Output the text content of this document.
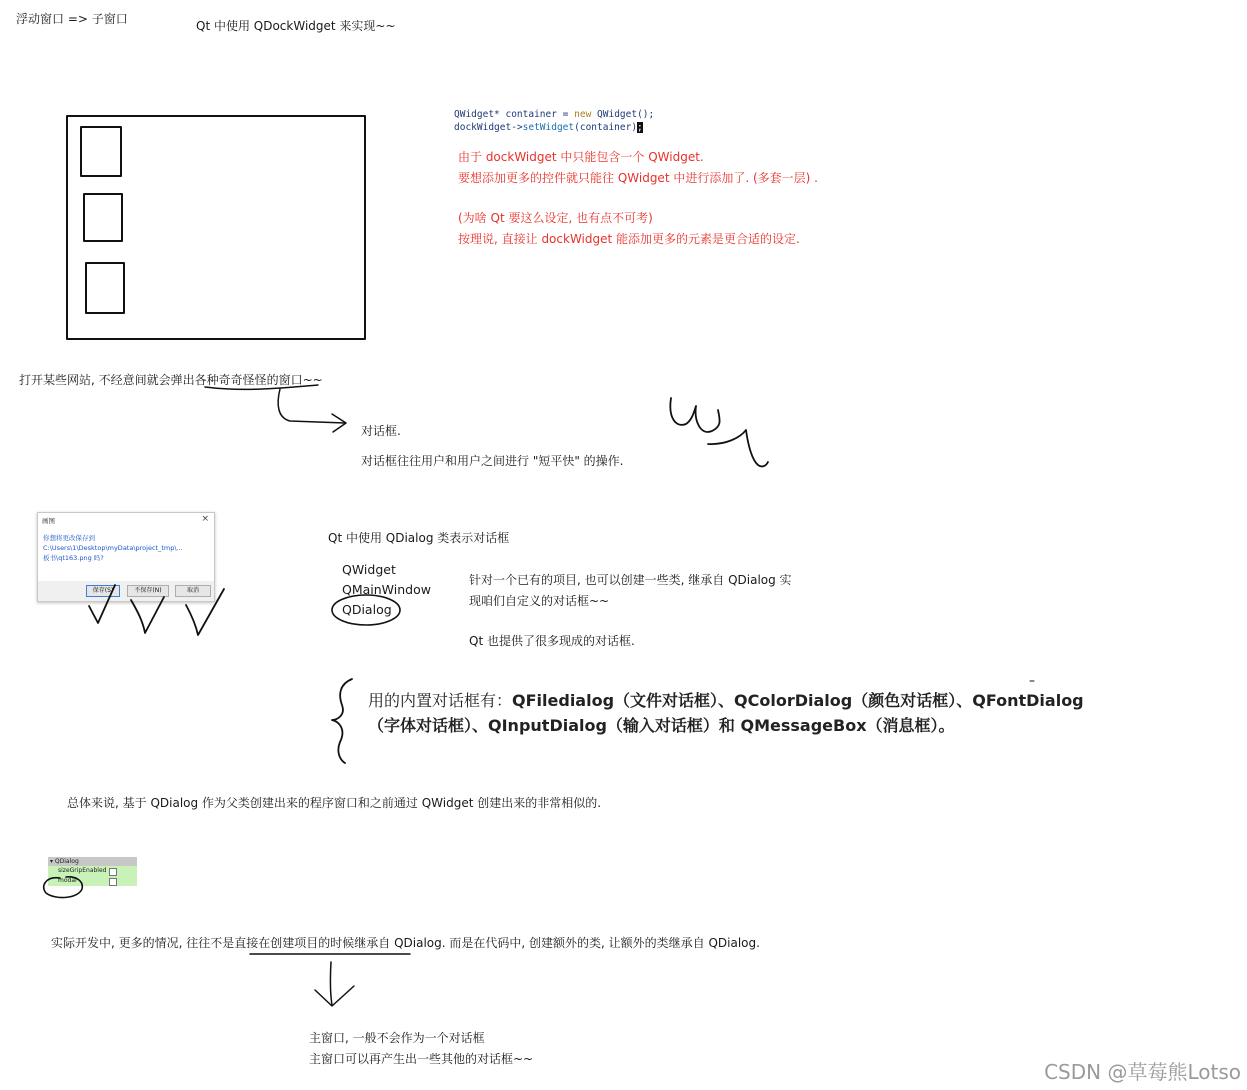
浮动窗口 => 子窗口	Qt 中使用 QDockWidget 来实现~~
QWidget* container = new QWidget();
dockWidget->setWidget(container);
由于 dockWidget 中只能包含一个 QWidget.
要想添加更多的控件就只能往 QWidget 中进行添加了. (多套一层) .
(为啥 Qt 要这么设定, 也有点不可考)
按理说, 直接让 dockWidget 能添加更多的元素是更合适的设定.
打开某些网站, 不经意间就会弹出各种奇奇怪怪的窗口~~
对话框.
对话框往往用户和用户之间进行 "短平快" 的操作.
画图	×
你想将更改保存到
C:\Users\1\Desktop\myData\project_tmp\...
板书\qt163.png 吗?
保存(S)	不保存(N)	取消
Qt 中使用 QDialog 类表示对话框
QWidget
QMainWindow
QDialog
针对一个已有的项目, 也可以创建一些类, 继承自 QDialog 实
现咱们自定义的对话框~~
Qt 也提供了很多现成的对话框.
用的内置对话框有：QFiledialog（文件对话框）、QColorDialog（颜色对话框）、QFontDialog
（字体对话框）、QInputDialog（输入对话框）和 QMessageBox（消息框）。
总体来说, 基于 QDialog 作为父类创建出来的程序窗口和之前通过 QWidget 创建出来的非常相似的.
▾ QDialog
sizeGripEnabled
modal
实际开发中, 更多的情况, 往往不是直接在创建项目的时候继承自 QDialog. 而是在代码中, 创建额外的类, 让额外的类继承自 QDialog.
主窗口, 一般不会作为一个对话框
主窗口可以再产生出一些其他的对话框~~
CSDN @草莓熊Lotso
